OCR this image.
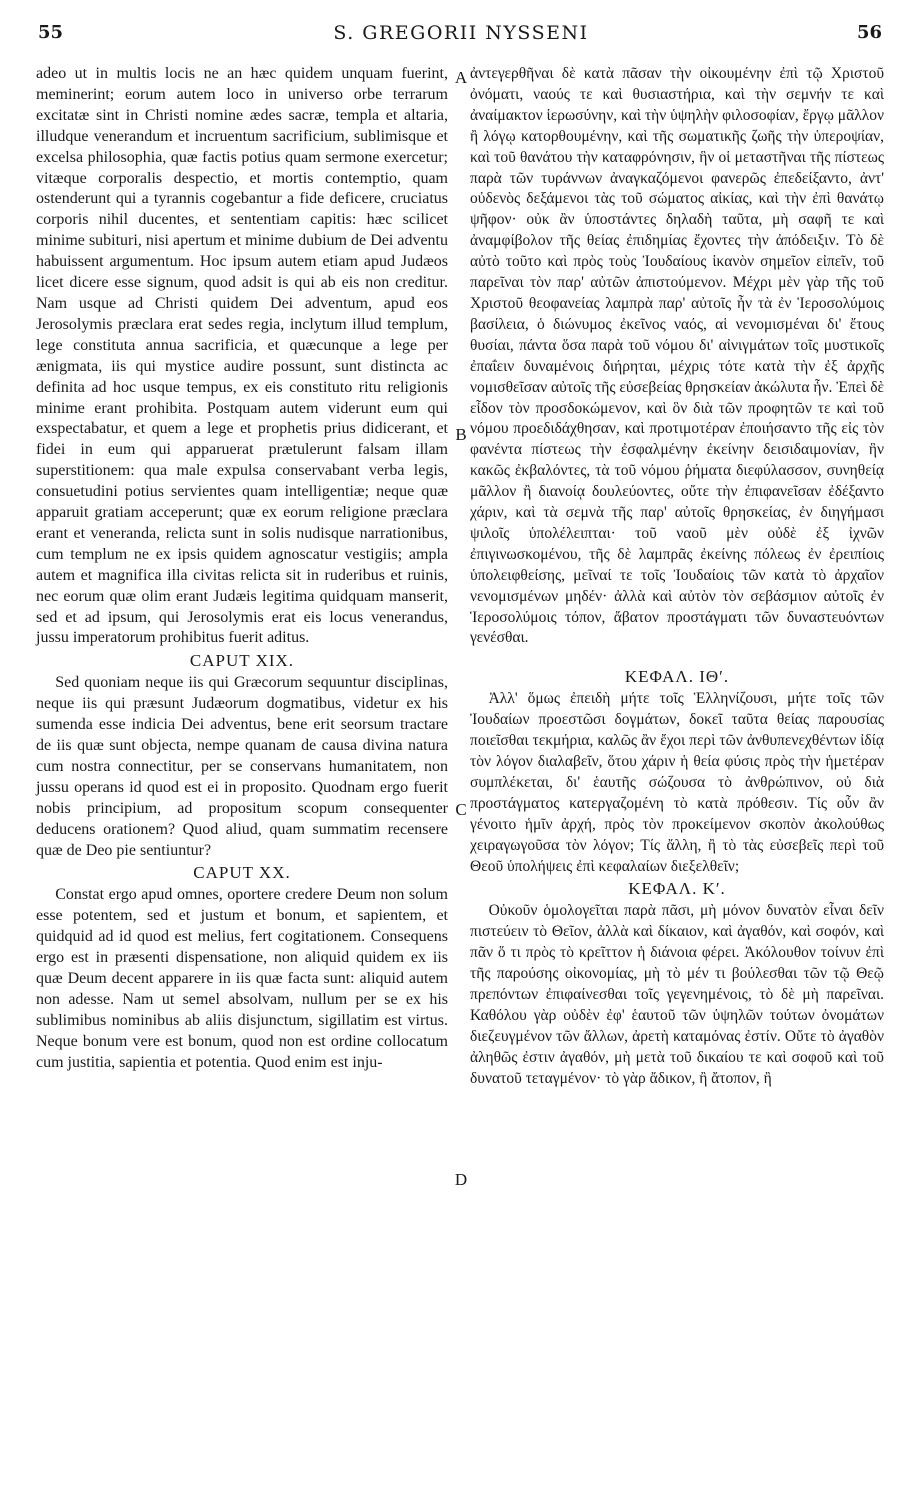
55	S. GREGORII NYSSENI	56

adeo ut in multis locis ne an hæc quidem unquam fuerint, meminerint; eorum autem loco in universo orbe terrarum excitatæ sint in Christi nomine ædes sacræ, templa et altaria, illudque venerandum et incruentum sacrificium, sublimisque et excelsa philosophia, quæ factis potius quam sermone exercetur; vitæque corporalis despectio, et mortis contemptio, quam ostenderunt qui a tyrannis cogebantur a fide deficere, cruciatus corporis nihil ducentes, et sententiam capitis: hæc scilicet minime subituri, nisi apertum et minime dubium de Dei adventu habuissent argumentum. Hoc ipsum autem etiam apud Judæos licet dicere esse signum, quod adsit is qui ab eis non creditur. Nam usque ad Christi quidem Dei adventum, apud eos Jerosolymis præclara erat sedes regia, inclytum illud templum, lege constituta annua sacrificia, et quæcunque a lege per ænigmata, iis qui mystice audire possunt, sunt distincta ac definita ad hoc usque tempus, ex eis constituto ritu religionis minime erant prohibita. Postquam autem viderunt eum qui exspectabatur, et quem a lege et prophetis prius didicerant, et fidei in eum qui apparuerat prætulerunt falsam illam superstitionem: qua male expulsa conservabant verba legis, consuetudini potius servientes quam intelligentiæ; neque quæ apparuit gratiam acceperunt; quæ ex eorum religione præclara erant et veneranda, relicta sunt in solis nudisque narrationibus, cum templum ne ex ipsis quidem agnoscatur vestigiis; ampla autem et magnifica illa civitas relicta sit in ruderibus et ruinis, nec eorum quæ olim erant Judæis legitima quidquam manserit, sed et ad ipsum, qui Jerosolymis erat eis locus venerandus, jussu imperatorum prohibitus fuerit aditus.

CAPUT XIX.

Sed quoniam neque iis qui Græcorum sequuntur disciplinas, neque iis qui præsunt Judæorum dogmatibus, videtur ex his sumenda esse indicia Dei adventus, bene erit seorsum tractare de iis quæ sunt objecta, nempe quanam de causa divina natura cum nostra connectitur, per se conservans humanitatem, non jussu operans id quod est ei in proposito. Quodnam ergo fuerit nobis principium, ad propositum scopum consequenter deducens orationem? Quod aliud, quam summatim recensere quæ de Deo pie sentiuntur?

CAPUT XX.

Constat ergo apud omnes, oportere credere Deum non solum esse potentem, sed et justum et bonum, et sapientem, et quidquid ad id quod est melius, fert cogitationem. Consequens ergo est in præsenti dispensatione, non aliquid quidem ex iis quæ Deum decent apparere in iis quæ facta sunt: aliquid autem non adesse. Nam ut semel absolvam, nullum per se ex his sublimibus nominibus ab aliis disjunctum, sigillatim est virtus. Neque bonum vere est bonum, quod non est ordine collocatum cum justitia, sapientia et potentia. Quod enim est inju-

A
B
C
D

ἀντεγερθῆναι δὲ κατὰ πᾶσαν τὴν οἰκουμένην ἐπὶ τῷ Χριστοῦ ὀνόματι, ναούς τε καὶ θυσιαστήρια, καὶ τὴν σεμνήν τε καὶ ἀναίμακτον ἱερωσύνην, καὶ τὴν ὑψηλὴν φιλοσοφίαν, ἔργῳ μᾶλλον ἢ λόγῳ κατορθουμένην, καὶ τῆς σωματικῆς ζωῆς τὴν ὑπεροψίαν, καὶ τοῦ θανάτου τὴν καταφρόνησιν, ἣν οἱ μεταστῆναι τῆς πίστεως παρὰ τῶν τυράννων ἀναγκαζόμενοι φανερῶς ἐπεδείξαντο, ἀντ' οὐδενὸς δεξάμενοι τὰς τοῦ σώματος αἰκίας, καὶ τὴν ἐπὶ θανάτῳ ψῆφον· οὐκ ἂν ὑποστάντες δηλαδὴ ταῦτα, μὴ σαφῆ τε καὶ ἀναμφίβολον τῆς θείας ἐπιδημίας ἔχοντες τὴν ἀπόδειξιν. Τὸ δὲ αὐτὸ τοῦτο καὶ πρὸς τοὺς Ἰουδαίους ἱκανὸν σημεῖον εἰπεῖν, τοῦ παρεῖναι τὸν παρ' αὐτῶν ἀπιστούμενον. Μέχρι μὲν γὰρ τῆς τοῦ Χριστοῦ θεοφανείας λαμπρὰ παρ' αὐτοῖς ἦν τὰ ἐν Ἱεροσολύμοις βασίλεια, ὁ διώνυμος ἐκεῖνος ναός, αἱ νενομισμέναι δι' ἔτους θυσίαι, πάντα ὅσα παρὰ τοῦ νόμου δι' αἰνιγμάτων τοῖς μυστικοῖς ἐπαΐειν δυναμένοις διήρηται, μέχρις τότε κατὰ τὴν ἐξ ἀρχῆς νομισθεῖσαν αὐτοῖς τῆς εὐσεβείας θρησκείαν ἀκώλυτα ἦν. Ἐπεὶ δὲ εἶδον τὸν προσδοκώμενον, καὶ ὃν διὰ τῶν προφητῶν τε καὶ τοῦ νόμου προεδιδάχθησαν, καὶ προτιμοτέραν ἐποιήσαντο τῆς εἰς τὸν φανέντα πίστεως τὴν ἐσφαλμένην ἐκείνην δεισιδαιμονίαν, ἣν κακῶς ἐκβαλόντες, τὰ τοῦ νόμου ῥήματα διεφύλασσον, συνηθείᾳ μᾶλλον ἢ διανοίᾳ δουλεύοντες, οὔτε τὴν ἐπιφανεῖσαν ἐδέξαντο χάριν, καὶ τὰ σεμνὰ τῆς παρ' αὐτοῖς θρησκείας, ἐν διηγήμασι ψιλοῖς ὑπολέλειπται· τοῦ ναοῦ μὲν οὐδὲ ἐξ ἰχνῶν ἐπιγινωσκομένου, τῆς δὲ λαμπρᾶς ἐκείνης πόλεως ἐν ἐρειπίοις ὑπολειφθείσης, μεῖναί τε τοῖς Ἰουδαίοις τῶν κατὰ τὸ ἀρχαῖον νενομισμένων μηδέν· ἀλλὰ καὶ αὐτὸν τὸν σεβάσμιον αὐτοῖς ἐν Ἱεροσολύμοις τόπον, ἄβατον προστάγματι τῶν δυναστευόντων γενέσθαι.

ΚΕΦΑΛ. ΙΘʹ.

Ἀλλ' ὅμως ἐπειδὴ μήτε τοῖς Ἑλληνίζουσι, μήτε τοῖς τῶν Ἰουδαίων προεστῶσι δογμάτων, δοκεῖ ταῦτα θείας παρουσίας ποιεῖσθαι τεκμήρια, καλῶς ἂν ἔχοι περὶ τῶν ἀνθυπενεχθέντων ἰδίᾳ τὸν λόγον διαλαβεῖν, ὅτου χάριν ἡ θεία φύσις πρὸς τὴν ἡμετέραν συμπλέκεται, δι' ἑαυτῆς σώζουσα τὸ ἀνθρώπινον, οὐ διὰ προστάγματος κατεργαζομένη τὸ κατὰ πρόθεσιν. Τίς οὖν ἂν γένοιτο ἡμῖν ἀρχή, πρὸς τὸν προκείμενον σκοπὸν ἀκολούθως χειραγωγοῦσα τὸν λόγον; Τίς ἄλλη, ἢ τὸ τὰς εὐσεβεῖς περὶ τοῦ Θεοῦ ὑπολήψεις ἐπὶ κεφαλαίων διεξελθεῖν;

ΚΕΦΑΛ. Κʹ.

Οὐκοῦν ὁμολογεῖται παρὰ πᾶσι, μὴ μόνον δυνατὸν εἶναι δεῖν πιστεύειν τὸ Θεῖον, ἀλλὰ καὶ δίκαιον, καὶ ἀγαθόν, καὶ σοφόν, καὶ πᾶν ὅ τι πρὸς τὸ κρεῖττον ἡ διάνοια φέρει. Ἀκόλουθον τοίνυν ἐπὶ τῆς παρούσης οἰκονομίας, μὴ τὸ μέν τι βούλεσθαι τῶν τῷ Θεῷ πρεπόντων ἐπιφαίνεσθαι τοῖς γεγενημένοις, τὸ δὲ μὴ παρεῖναι. Καθόλου γὰρ οὐδὲν ἐφ' ἑαυτοῦ τῶν ὑψηλῶν τούτων ὀνομάτων διεζευγμένον τῶν ἄλλων, ἀρετὴ καταμόνας ἐστίν. Οὔτε τὸ ἀγαθὸν ἀληθῶς ἐστιν ἀγαθόν, μὴ μετὰ τοῦ δικαίου τε καὶ σοφοῦ καὶ τοῦ δυνατοῦ τεταγμένον· τὸ γὰρ ἄδικον, ἢ ἄτοπον, ἢ
